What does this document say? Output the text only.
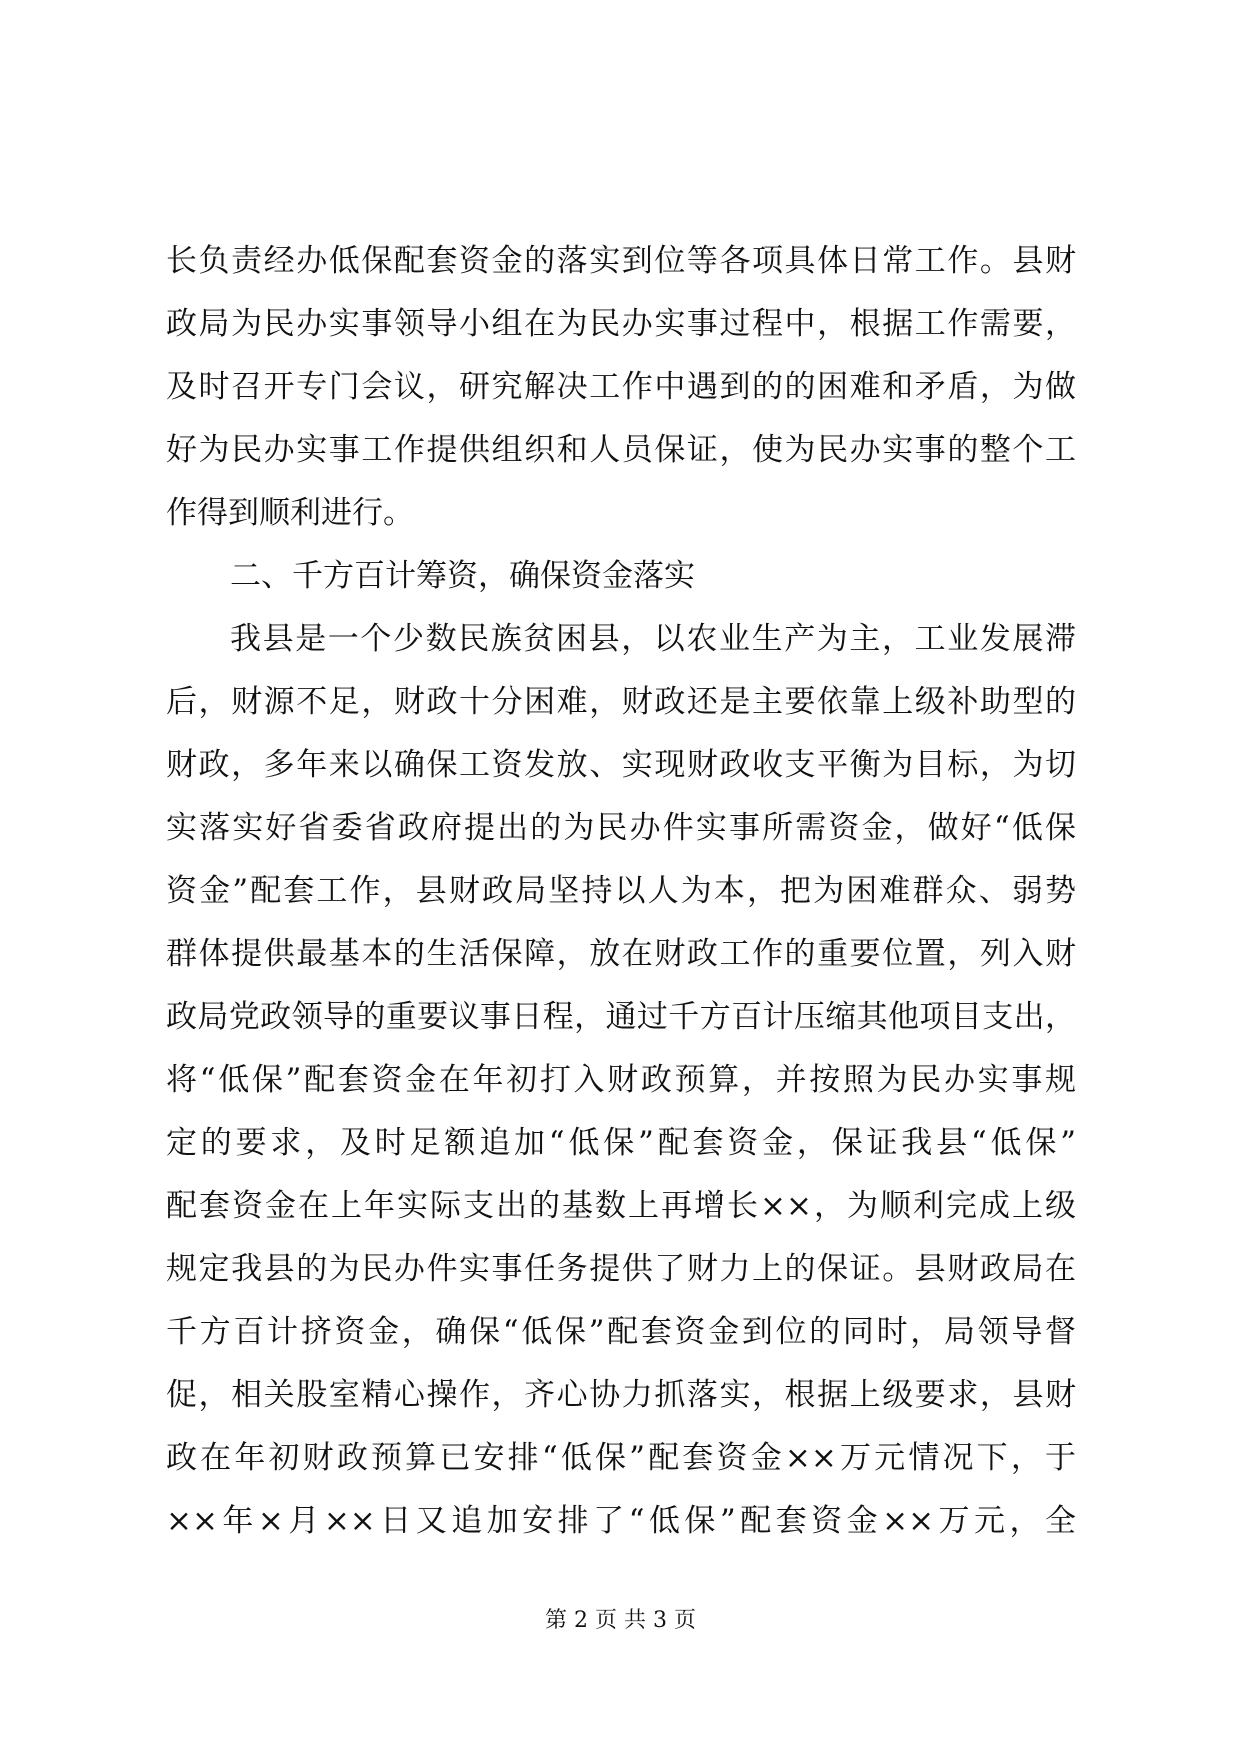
长负责经办低保配套资金的落实到位等各项具体日常工作。县财
政局为民办实事领导小组在为民办实事过程中，根据工作需要，
及时召开专门会议，研究解决工作中遇到的的困难和矛盾，为做
好为民办实事工作提供组织和人员保证，使为民办实事的整个工
作得到顺利进行。
二、千方百计筹资，确保资金落实
我县是一个少数民族贫困县，以农业生产为主，工业发展滞
后，财源不足，财政十分困难，财政还是主要依靠上级补助型的
财政，多年来以确保工资发放、实现财政收支平衡为目标，为切
实落实好省委省政府提出的为民办件实事所需资金，做好“低保
资金”配套工作，县财政局坚持以人为本，把为困难群众、弱势
群体提供最基本的生活保障，放在财政工作的重要位置，列入财
政局党政领导的重要议事日程，通过千方百计压缩其他项目支出，
将“低保”配套资金在年初打入财政预算，并按照为民办实事规
定的要求，及时足额追加“低保”配套资金，保证我县“低保”
配套资金在上年实际支出的基数上再增长××，为顺利完成上级
规定我县的为民办件实事任务提供了财力上的保证。县财政局在
千方百计挤资金，确保“低保”配套资金到位的同时，局领导督
促，相关股室精心操作，齐心协力抓落实，根据上级要求，县财
政在年初财政预算已安排“低保”配套资金××万元情况下，于
××年×月××日又追加安排了“低保”配套资金××万元，全
第 2 页 共 3 页
